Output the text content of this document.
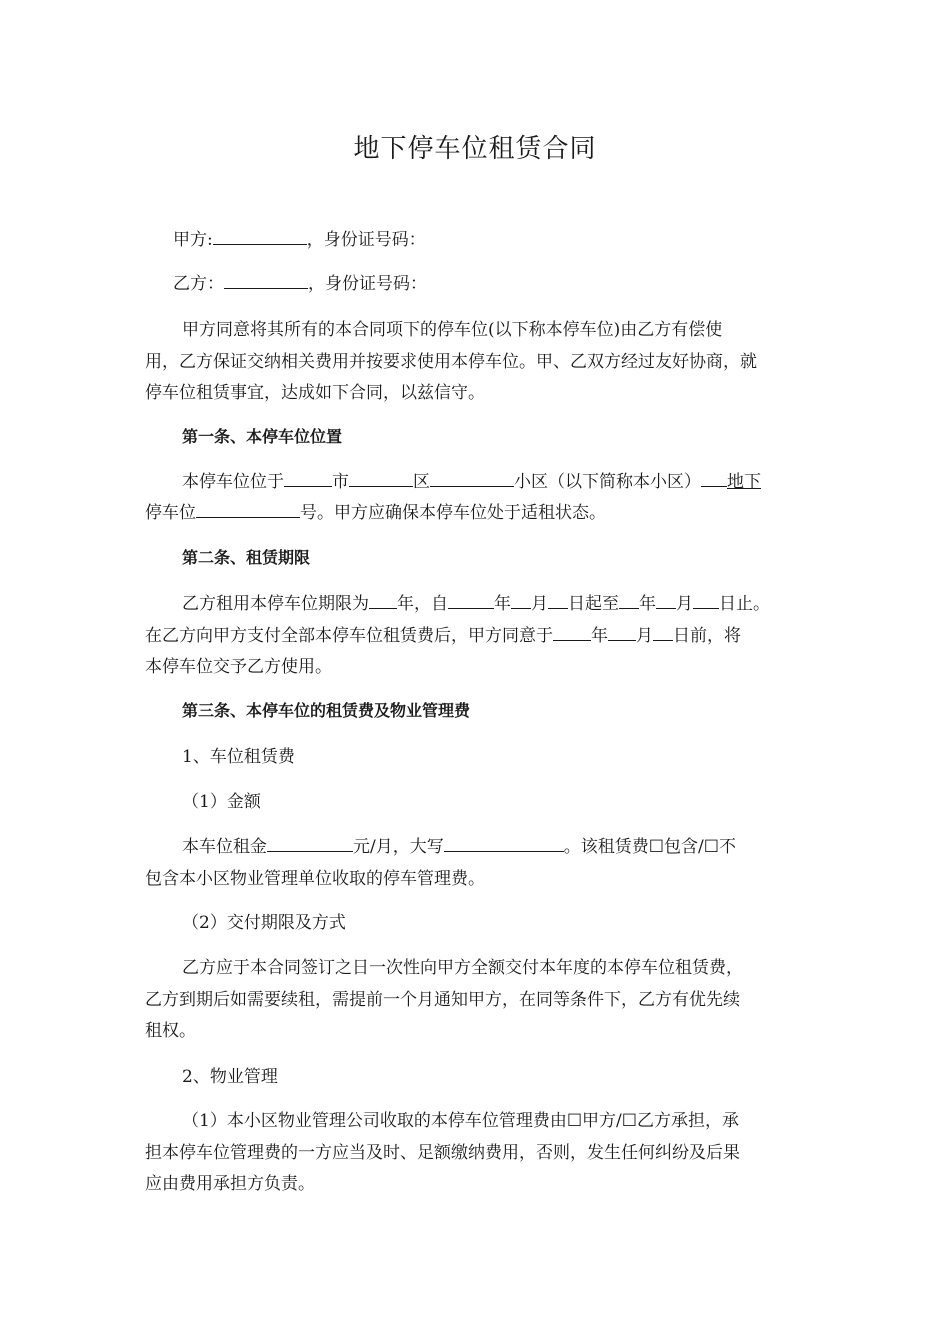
地下停车位租赁合同
甲方:	，身份证号码：
乙方：	，身份证号码：
甲方同意将其所有的本合同项下的停车位(以下称本停车位)由乙方有偿使
用，乙方保证交纳相关费用并按要求使用本停车位。甲、乙双方经过友好协商，就
停车位租赁事宜，达成如下合同，以兹信守。
第一条、本停车位位置
本停车位位于	市	区	小区（以下简称本小区） 地下
停车位	号。甲方应确保本停车位处于适租状态。
第二条、租赁期限
乙方租用本停车位期限为 年，自	年 月 日起至 年 月 日止。
在乙方向甲方支付全部本停车位租赁费后，甲方同意于 年 月 日前，将
本停车位交予乙方使用。
第三条、本停车位的租赁费及物业管理费
1、车位租赁费
（1）金额
本车位租金	元/月，大写	。该租赁费☐包含/☐不
包含本小区物业管理单位收取的停车管理费。
（2）交付期限及方式
乙方应于本合同签订之日一次性向甲方全额交付本年度的本停车位租赁费，
乙方到期后如需要续租，需提前一个月通知甲方，在同等条件下，乙方有优先续
租权。
2、物业管理
（1）本小区物业管理公司收取的本停车位管理费由☐甲方/☐乙方承担，承
担本停车位管理费的一方应当及时、足额缴纳费用，否则，发生任何纠纷及后果
应由费用承担方负责。
